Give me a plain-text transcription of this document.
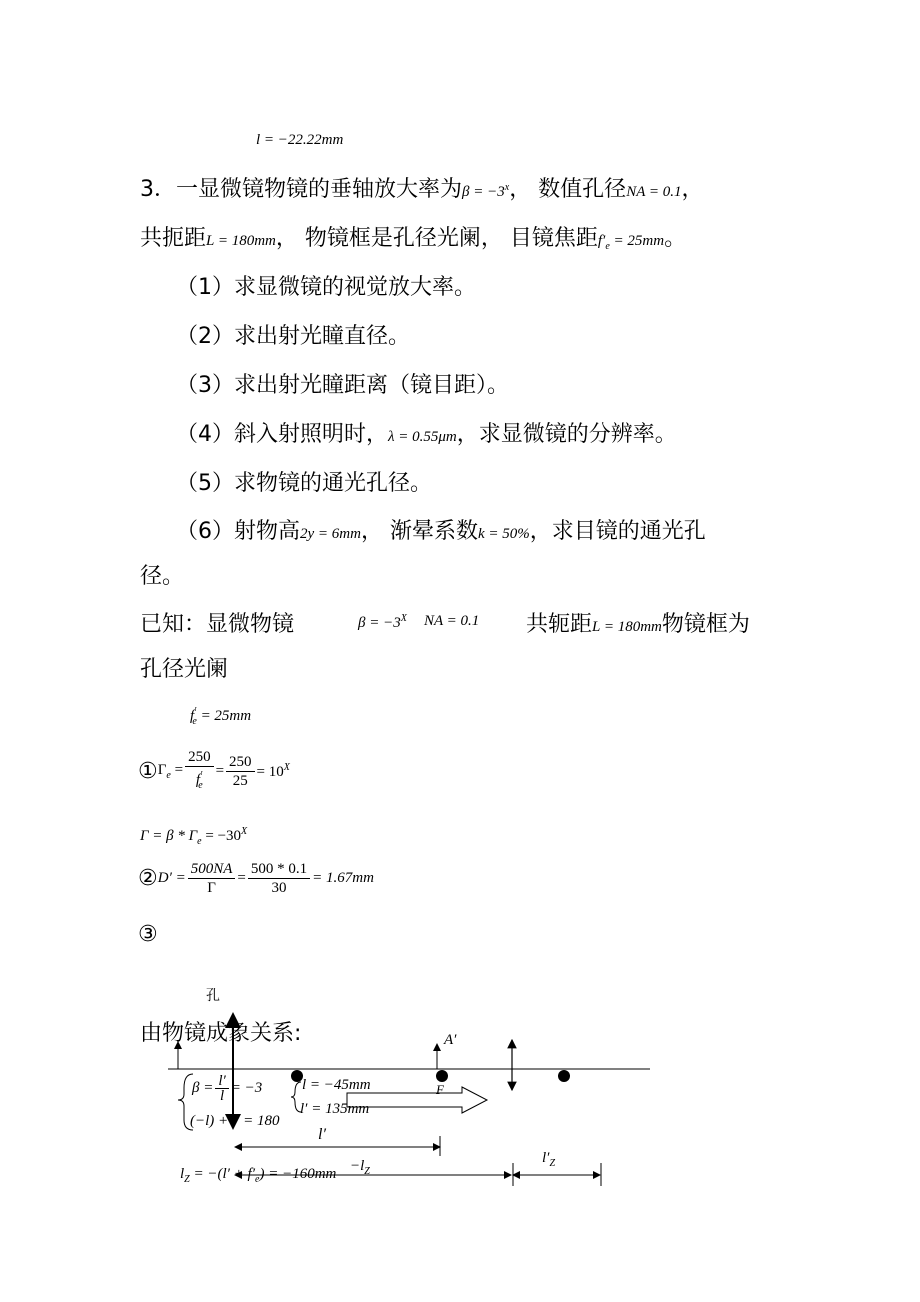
l = −22.22mm
3．一显微镜物镜的垂轴放大率为$\beta = -3^x$， 数值孔径NA = 0.1，
共扼距L = 180mm， 物镜框是孔径光阑， 目镜焦距$f'_e = 25mm$。
（1）求显微镜的视觉放大率。
（2）求出射光瞳直径。
（3）求出射光瞳距离（镜目距）。
（4）斜入射照明时，λ = 0.55μm，求显微镜的分辨率。
（5）求物镜的通光孔径。
（6）射物高2y = 6mm， 渐晕系数k = 50%，求目镜的通光孔
径。
已知：显微物镜	$\beta = -3^X$ NA = 0.1 共轭距L = 180mm物镜框为
孔径光阑
$f'_e = 25mm$
$①\Gamma_e = \frac{250}{f'_e} = \frac{250}{25} = 10^X$
$\Gamma = \beta * \Gamma_e = -30^X$
②D′ = $\frac{500NA}{\Gamma} = \frac{500 * 0.1}{30} = 1.67mm$
③
孔
由物镜成象关系:	A′
F
$\beta = \frac{l'}{l} = -3$
(−l) + l′ = 180
l = −45mm
l′ = 135mm
l′
$-l_Z$
$l'_Z$
$l_Z = -(l' + f'_e) = -160mm$
